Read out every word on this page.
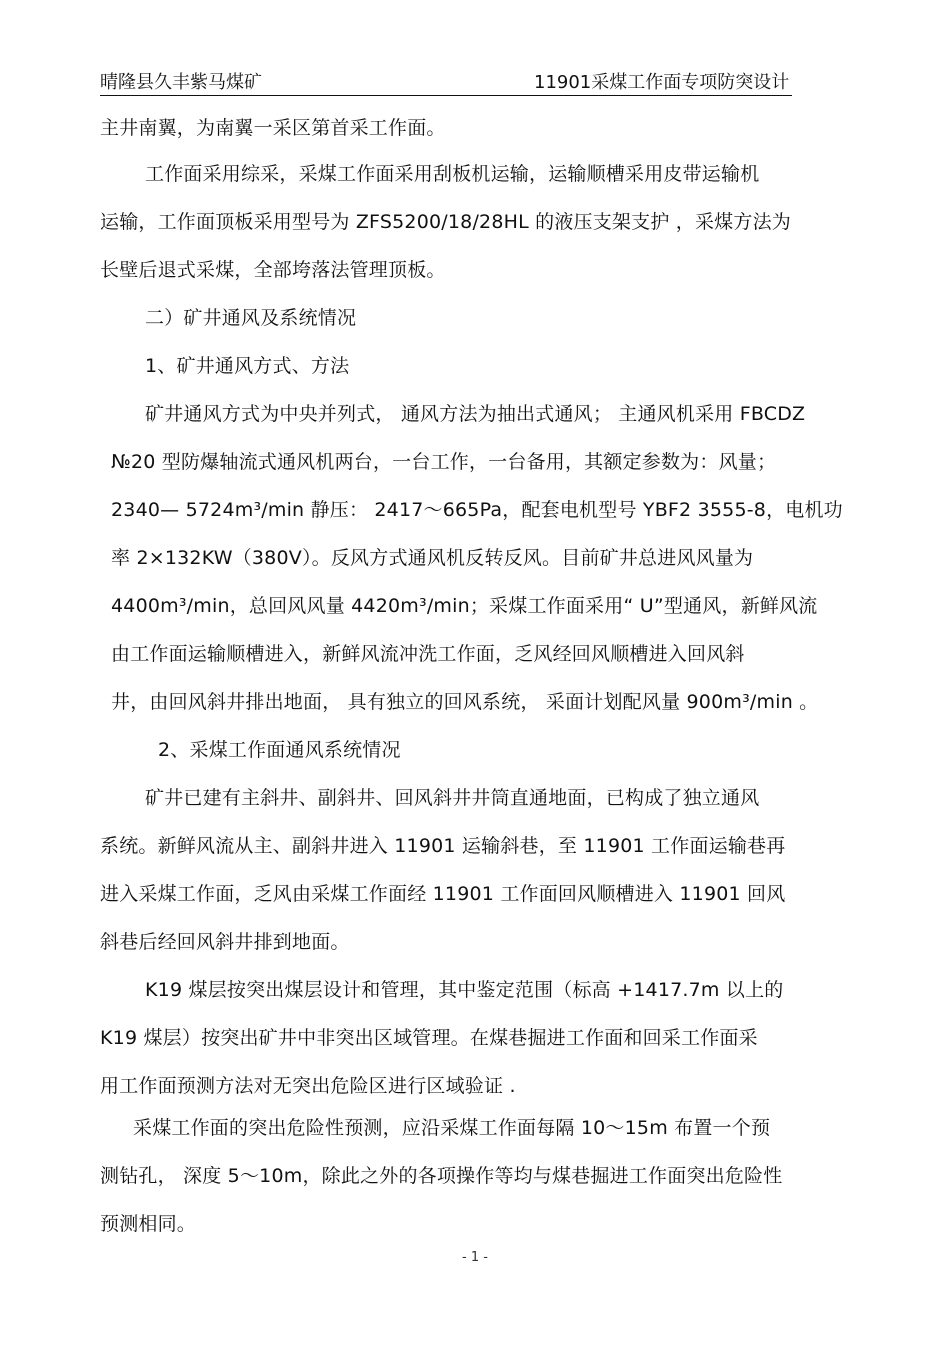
晴隆县久丰紫马煤矿	11901采煤工作面专项防突设计
主井南翼，为南翼一采区第首采工作面。
工作面采用综采，采煤工作面采用刮板机运输，运输顺槽采用皮带运输机
运输，工作面顶板采用型号为 ZFS5200/18/28HL 的液压支架支护 ，采煤方法为
长壁后退式采煤，全部垮落法管理顶板。
二）矿井通风及系统情况
1、矿井通风方式、方法
矿井通风方式为中央并列式， 通风方法为抽出式通风； 主通风机采用 FBCDZ
№20 型防爆轴流式通风机两台，一台工作，一台备用，其额定参数为：风量；
2340— 5724m³/min 静压： 2417～665Pa，配套电机型号 YBF2 3555-8，电机功
率 2×132KW（380V）。反风方式通风机反转反风。目前矿井总进风风量为
4400m³/min，总回风风量 4420m³/min；采煤工作面采用“ U”型通风，新鲜风流
由工作面运输顺槽进入，新鲜风流冲洗工作面，乏风经回风顺槽进入回风斜
井，由回风斜井排出地面， 具有独立的回风系统， 采面计划配风量 900m³/min 。
2、采煤工作面通风系统情况
矿井已建有主斜井、副斜井、回风斜井井筒直通地面，已构成了独立通风
系统。新鲜风流从主、副斜井进入 11901 运输斜巷，至 11901 工作面运输巷再
进入采煤工作面，乏风由采煤工作面经 11901 工作面回风顺槽进入 11901 回风
斜巷后经回风斜井排到地面。
K19 煤层按突出煤层设计和管理，其中鉴定范围（标高 +1417.7m 以上的
K19 煤层）按突出矿井中非突出区域管理。在煤巷掘进工作面和回采工作面采
用工作面预测方法对无突出危险区进行区域验证 .
采煤工作面的突出危险性预测，应沿采煤工作面每隔 10～15m 布置一个预
测钻孔， 深度 5～10m，除此之外的各项操作等均与煤巷掘进工作面突出危险性
预测相同。
- 1 -
